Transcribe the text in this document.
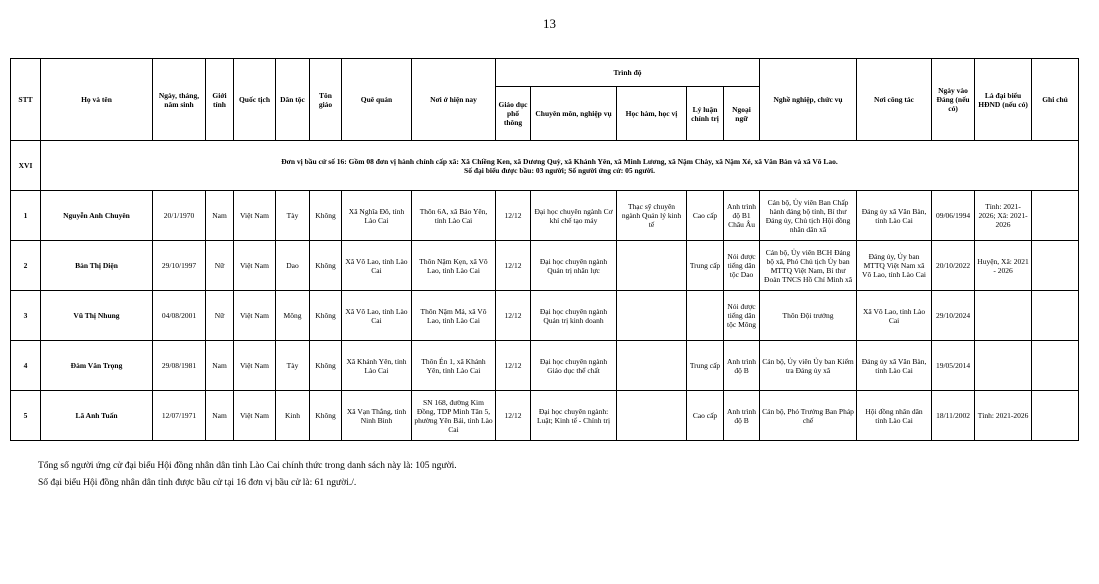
13
STT	Họ và tên	Ngày, tháng, năm sinh	Giới tính	Quốc tịch	Dân tộc	Tôn giáo	Quê quán	Nơi ở hiện nay	Trình độ					Nghề nghiệp, chức vụ	Nơi công tác	Ngày vào Đảng (nếu có)	Là đại biểu HĐND (nếu có)	Ghi chú
									Giáo dục phổ thông	Chuyên môn, nghiệp vụ	Học hàm, học vị	Lý luận chính trị	Ngoại ngữ					
XVI	Đơn vị bầu cử số 16: Gồm 08 đơn vị hành chính cấp xã: Xã Chiềng Ken, xã Dương Quỳ, xã Khánh Yên, xã Minh Lương, xã Nậm Chày, xã Nậm Xé, xã Văn Bàn và xã Võ Lao.
Số đại biểu được bầu: 03 người; Số người ứng cử: 05 người.																	

1	Nguyễn Anh Chuyên	20/1/1970	Nam	Việt Nam	Tày	Không	Xã Nghĩa Đô, tỉnh Lào Cai	Thôn 6A, xã Bảo Yên, tỉnh Lào Cai	12/12	Đại học chuyên ngành Cơ khí chế tạo máy	Thạc sỹ chuyên ngành Quản lý kinh tế	Cao cấp	Anh trình độ B1 Châu Âu	Cán bộ, Ủy viên Ban Chấp hành đảng bộ tỉnh, Bí thư Đảng ủy, Chủ tịch Hội đồng nhân dân xã	Đảng ủy xã Văn Bàn, tỉnh Lào Cai	09/06/1994	Tỉnh: 2021-2026; Xã: 2021-2026	
2	Bàn Thị Diện	29/10/1997	Nữ	Việt Nam	Dao	Không	Xã Võ Lao, tỉnh Lào Cai	Thôn Nậm Kẹn, xã Võ Lao, tỉnh Lào Cai	12/12	Đại học chuyên ngành Quản trị nhân lực		Trung cấp	Nói được tiếng dân tộc Dao	Cán bộ, Ủy viên BCH Đảng bộ xã, Phó Chủ tịch Ủy ban MTTQ Việt Nam, Bí thư Đoàn TNCS Hồ Chí Minh xã	Đảng ủy, Ủy ban MTTQ Việt Nam xã Võ Lao, tỉnh Lào Cai	20/10/2022	Huyện, Xã: 2021 - 2026	
3	Vũ Thị Nhung	04/08/2001	Nữ	Việt Nam	Mông	Không	Xã Võ Lao, tỉnh Lào Cai	Thôn Nậm Mả, xã Võ Lao, tỉnh Lào Cai	12/12	Đại học chuyên ngành Quản trị kinh doanh			Nói được tiếng dân tộc Mông	Thôn Đội trưởng	Xã Võ Lao, tỉnh Lào Cai	29/10/2024		
4	Đàm Văn Trọng	29/08/1981	Nam	Việt Nam	Tày	Không	Xã Khánh Yên, tỉnh Lào Cai	Thôn Én 1, xã Khánh Yên, tỉnh Lào Cai	12/12	Đại học chuyên ngành Giáo dục thể chất		Trung cấp	Anh trình độ B	Cán bộ, Ủy viên Ủy ban Kiểm tra Đảng ủy xã	Đảng ủy xã Văn Bàn, tỉnh Lào Cai	19/05/2014		
5	Lã Anh Tuấn	12/07/1971	Nam	Việt Nam	Kinh	Không	Xã Vạn Thắng, tỉnh Ninh Bình	SN 168, đường Kim Đồng, TDP Minh Tân 5, phường Yên Bái, tỉnh Lào Cai	12/12	Đại học chuyên ngành: Luật; Kinh tế - Chính trị		Cao cấp	Anh trình độ B	Cán bộ, Phó Trưởng Ban Pháp chế	Hội đồng nhân dân tỉnh Lào Cai	18/11/2002	Tỉnh: 2021-2026	
Tổng số người ứng cử đại biểu Hội đồng nhân dân tỉnh Lào Cai chính thức trong danh sách này là: 105 người.
Số đại biểu Hội đồng nhân dân tỉnh được bầu cử tại 16 đơn vị bầu cử là: 61 người./.
